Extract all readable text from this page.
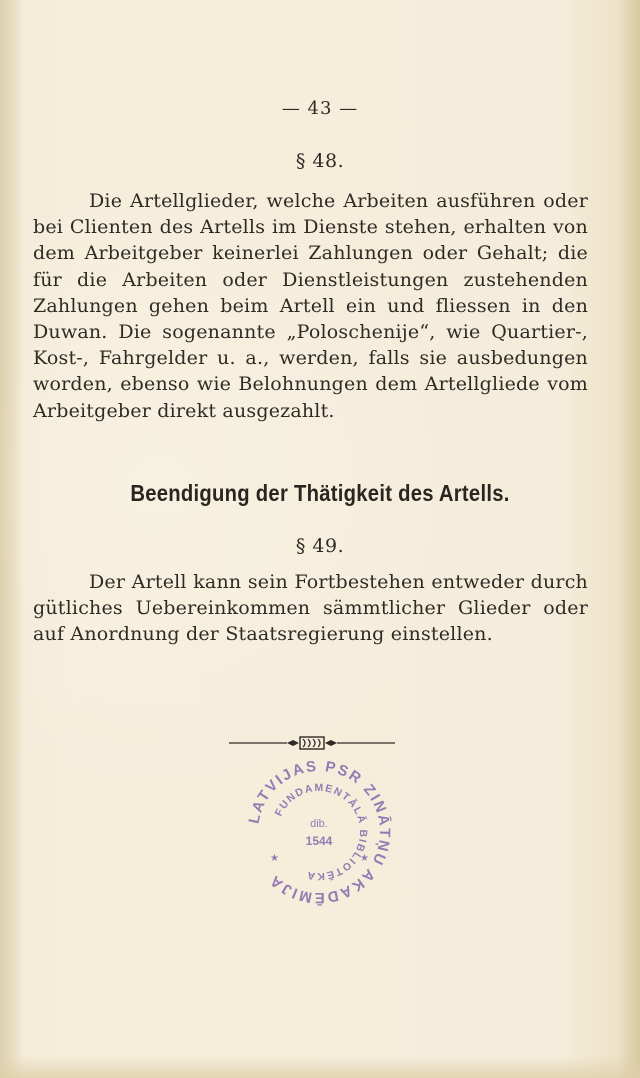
— 43 —
§ 48.
Die Artellglieder, welche Arbeiten ausführen oder bei Clienten des Artells im Dienste stehen, erhalten von dem Arbeitgeber keinerlei Zahlungen oder Gehalt; die für die Arbeiten oder Dienstleistungen zustehenden Zahlungen gehen beim Artell ein und fliessen in den Duwan. Die sogenannte „Poloschenije“, wie Quartier-, Kost-, Fahrgelder u. a., werden, falls sie ausbedungen worden, ebenso wie Belohnungen dem Artellgliede vom Arbeitgeber direkt ausgezahlt.
Beendigung der Thätigkeit des Artells.
§ 49.
Der Artell kann sein Fortbestehen entweder durch gütliches Uebereinkommen sämmtlicher Glieder oder auf Anordnung der Staatsregierung einstellen.
LATVIJAS PSR ZINĀTŅU AKADĒMIJA
FUNDAMENTĀLĀ BIBLIOTĒKA
dib.
1544
★	★
